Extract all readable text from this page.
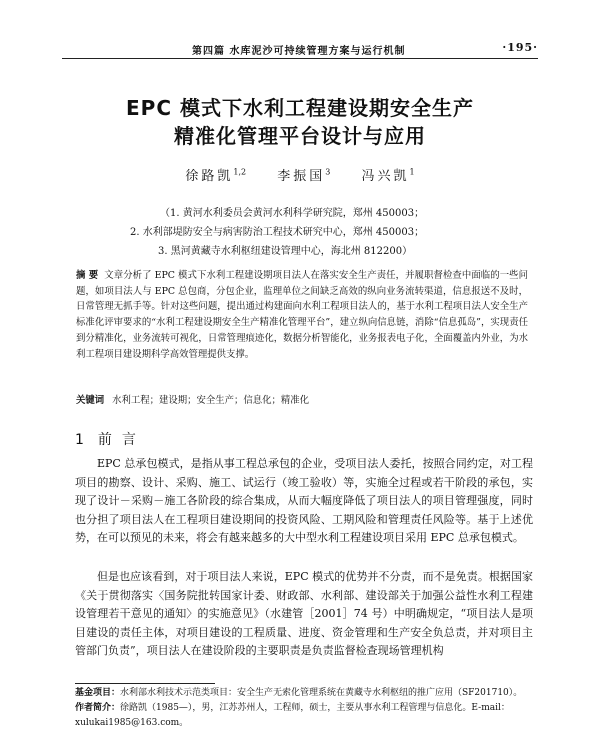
第四篇 水库泥沙可持续管理方案与运行机制	·195·
EPC 模式下水利工程建设期安全生产
精准化管理平台设计与应用
徐路凯$^{1,2}$ 李振国$^3$ 冯兴凯$^1$
（1. 黄河水利委员会黄河水利科学研究院，郑州 450003；
2. 水利部堤防安全与病害防治工程技术研究中心，郑州 450003；
3. 黑河黄藏寺水利枢纽建设管理中心，海北州 812200）
摘 要 文章分析了 EPC 模式下水利工程建设期项目法人在落实安全生产责任，并履职督检查中面临的一些问题，如项目法人与 EPC 总包商，分包企业，监理单位之间缺乏高效的纵向业务流转渠道，信息报送不及时，日常管理无抓手等。针对这些问题，提出通过构建面向水利工程项目法人的，基于水利工程项目法人安全生产标准化评审要求的“水利工程建设期安全生产精准化管理平台”，建立纵向信息链，消除“信息孤岛”，实现责任到分精准化，业务流转可视化，日常管理痕迹化，数据分析智能化，业务报表电子化，全面覆盖内外业，为水利工程项目建设期科学高效管理提供支撑。
关键词 水利工程；建设期；安全生产；信息化；精准化
1 前言
EPC 总承包模式，是指从事工程总承包的企业，受项目法人委托，按照合同约定，对工程项目的勘察、设计、采购、施工、试运行（竣工验收）等，实施全过程或若干阶段的承包，实现了设计－采购－施工各阶段的综合集成，从而大幅度降低了项目法人的项目管理强度，同时也分担了项目法人在工程项目建设期间的投资风险、工期风险和管理责任风险等。基于上述优势，在可以预见的未来，将会有越来越多的大中型水利工程建设项目采用 EPC 总承包模式。
但是也应该看到，对于项目法人来说，EPC 模式的优势并不分责，而不是免责。根据国家《关于贯彻落实〈国务院批转国家计委、财政部、水利部、建设部关于加强公益性水利工程建设管理若干意见的通知〉的实施意见》（水建管［2001］74 号）中明确规定，“项目法人是项目建设的责任主体，对项目建设的工程质量、进度、资金管理和生产安全负总责，并对项目主管部门负责”，项目法人在建设阶段的主要职责是负责监督检查现场管理机构
基金项目：水利部水利技术示范类项目：安全生产无索化管理系统在黄藏寺水利枢纽的推广应用（SF201710）。
作者简介：徐路凯（1985—），男，江苏苏州人，工程师，硕士，主要从事水利工程管理与信息化。E-mail： xulukai1985@163.com。
